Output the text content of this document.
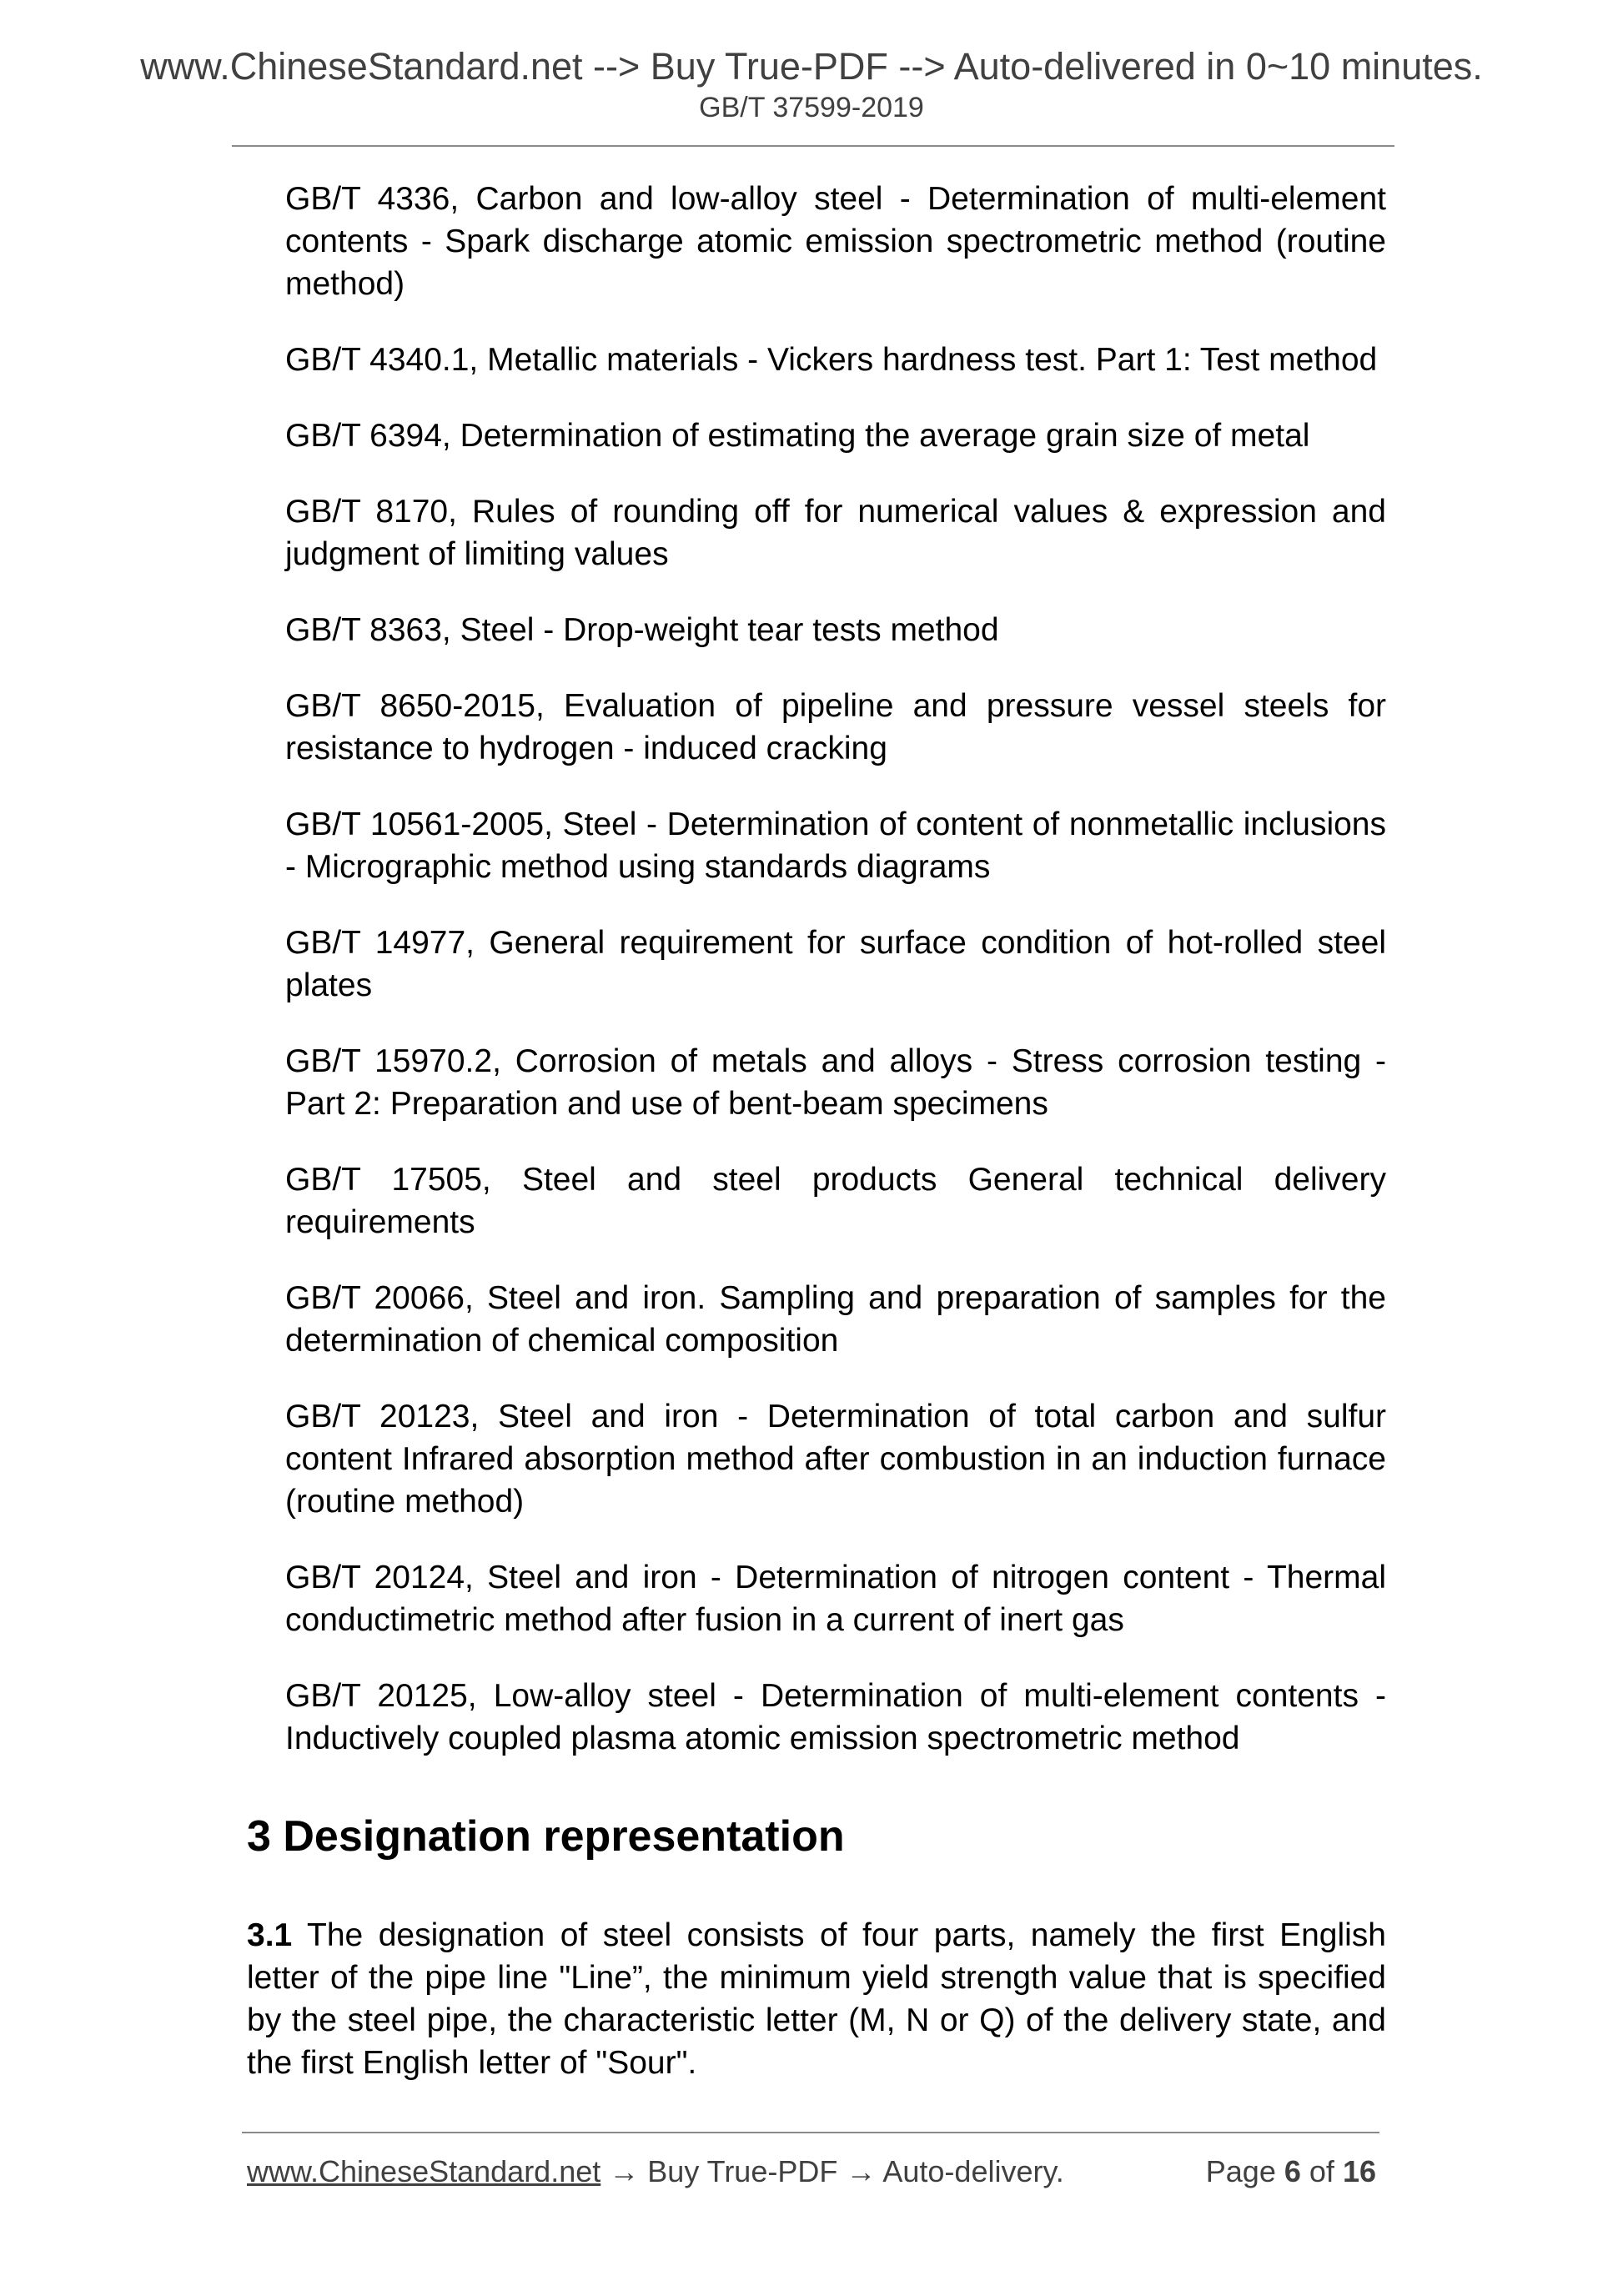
www.ChineseStandard.net --> Buy True-PDF --> Auto-delivered in 0~10 minutes.
GB/T 37599-2019
GB/T 4336, Carbon and low-alloy steel - Determination of multi-element contents - Spark discharge atomic emission spectrometric method (routine method)
GB/T 4340.1, Metallic materials - Vickers hardness test. Part 1: Test method
GB/T 6394, Determination of estimating the average grain size of metal
GB/T 8170, Rules of rounding off for numerical values & expression and judgment of limiting values
GB/T 8363, Steel - Drop-weight tear tests method
GB/T 8650-2015, Evaluation of pipeline and pressure vessel steels for resistance to hydrogen - induced cracking
GB/T 10561-2005, Steel - Determination of content of nonmetallic inclusions - Micrographic method using standards diagrams
GB/T 14977, General requirement for surface condition of hot-rolled steel plates
GB/T 15970.2, Corrosion of metals and alloys - Stress corrosion testing - Part 2: Preparation and use of bent-beam specimens
GB/T 17505, Steel and steel products General technical delivery requirements
GB/T 20066, Steel and iron. Sampling and preparation of samples for the determination of chemical composition
GB/T 20123, Steel and iron - Determination of total carbon and sulfur content Infrared absorption method after combustion in an induction furnace (routine method)
GB/T 20124, Steel and iron - Determination of nitrogen content - Thermal conductimetric method after fusion in a current of inert gas
GB/T 20125, Low-alloy steel - Determination of multi-element contents - Inductively coupled plasma atomic emission spectrometric method
3 Designation representation

3.1 The designation of steel consists of four parts, namely the first English letter of the pipe line "Line”, the minimum yield strength value that is specified by the steel pipe, the characteristic letter (M, N or Q) of the delivery state, and the first English letter of "Sour".

www.ChineseStandard.net → Buy True-PDF → Auto-delivery.	Page 6 of 16
